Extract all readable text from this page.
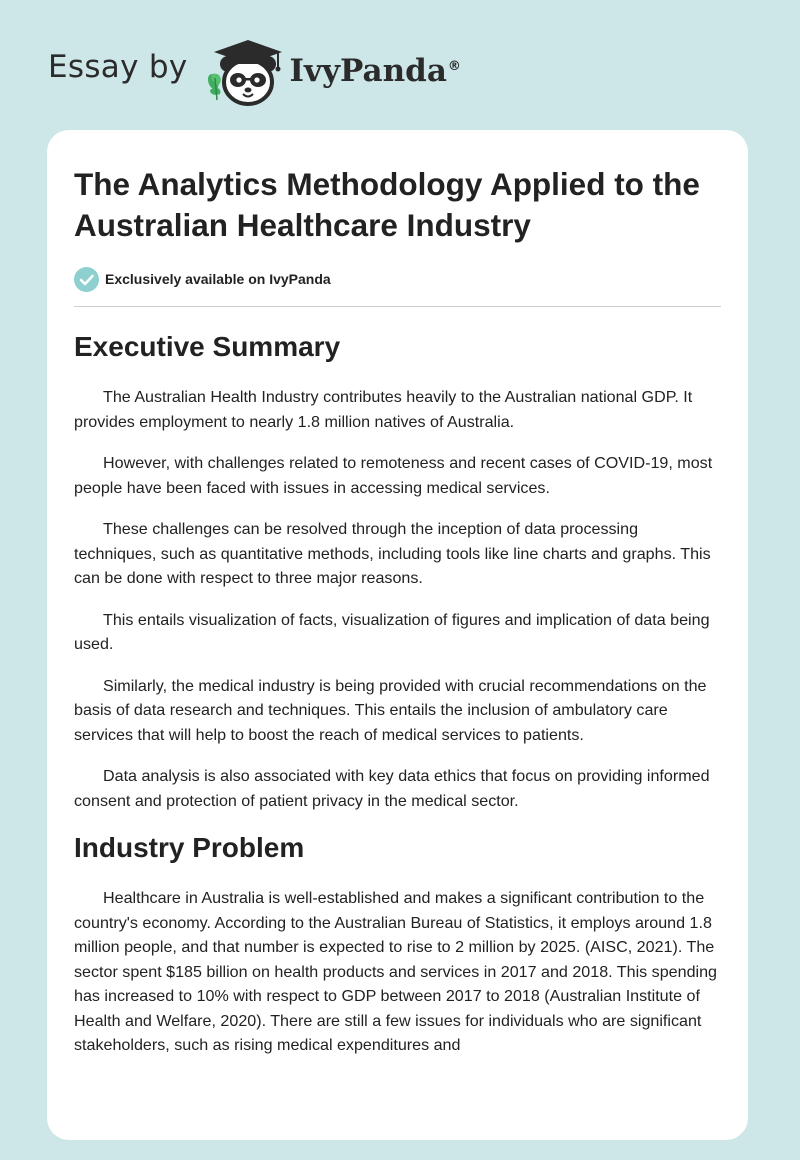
Essay by	IvyPanda®
The Analytics Methodology Applied to the Australian Healthcare Industry
Exclusively available on IvyPanda
Executive Summary

The Australian Health Industry contributes heavily to the Australian national GDP. It provides employment to nearly 1.8 million natives of Australia.

However, with challenges related to remoteness and recent cases of COVID-19, most people have been faced with issues in accessing medical services.

These challenges can be resolved through the inception of data processing techniques, such as quantitative methods, including tools like line charts and graphs. This can be done with respect to three major reasons.

This entails visualization of facts, visualization of figures and implication of data being used.

Similarly, the medical industry is being provided with crucial recommendations on the basis of data research and techniques. This entails the inclusion of ambulatory care services that will help to boost the reach of medical services to patients.

Data analysis is also associated with key data ethics that focus on providing informed consent and protection of patient privacy in the medical sector.

Industry Problem

Healthcare in Australia is well-established and makes a significant contribution to the country's economy. According to the Australian Bureau of Statistics, it employs around 1.8 million people, and that number is expected to rise to 2 million by 2025. (AISC, 2021). The sector spent $185 billion on health products and services in 2017 and 2018. This spending has increased to 10% with respect to GDP between 2017 to 2018 (Australian Institute of Health and Welfare, 2020). There are still a few issues for individuals who are significant stakeholders, such as rising medical expenditures and
